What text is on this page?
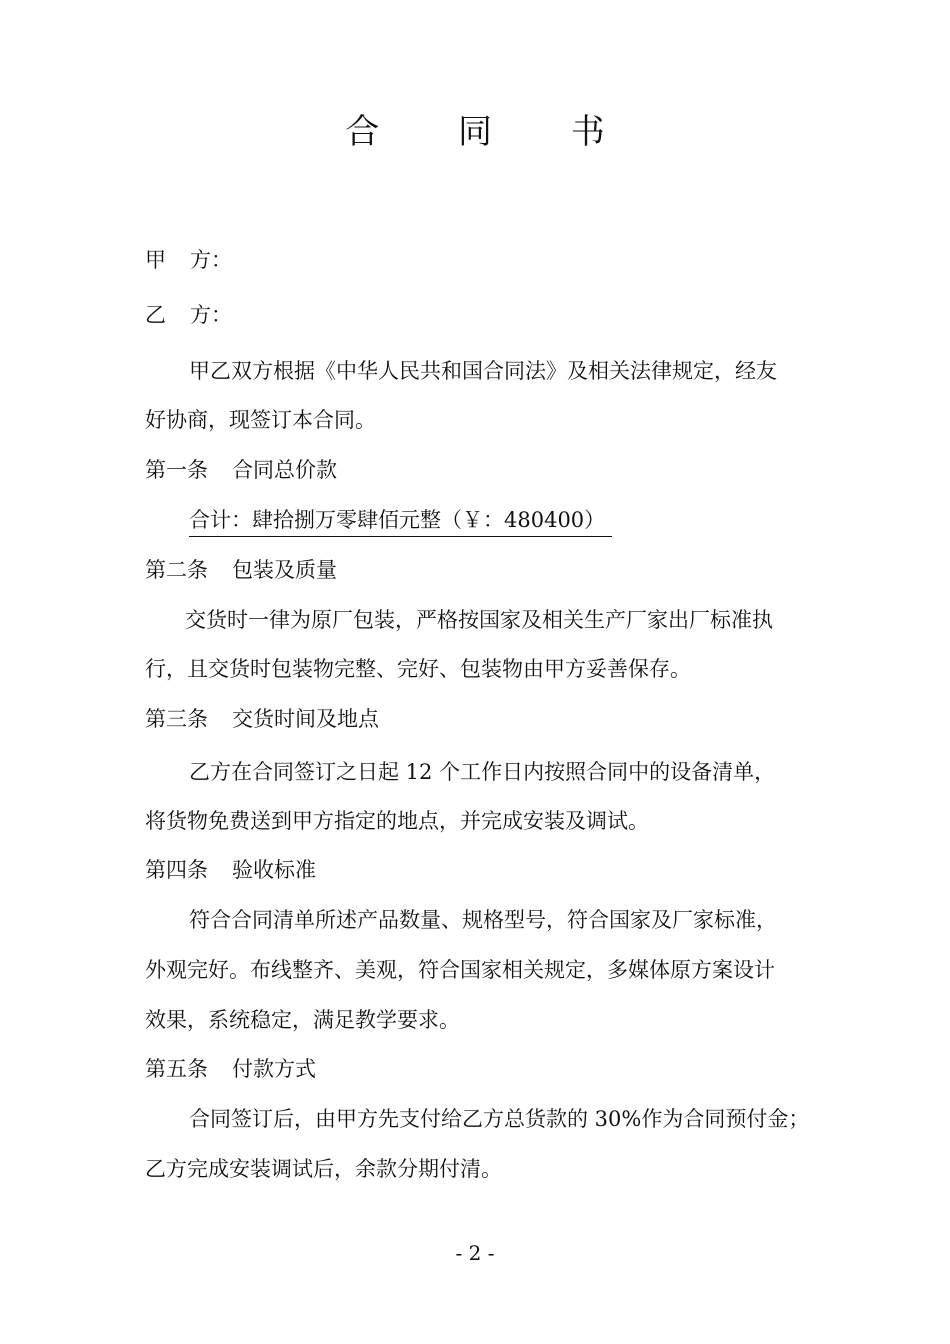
合 同 书
甲 方：
乙 方：
甲乙双方根据《中华人民共和国合同法》及相关法律规定，经友
好协商，现签订本合同。
第一条 合同总价款
合计：肆拾捌万零肆佰元整（￥：480400）
第二条 包装及质量
交货时一律为原厂包装，严格按国家及相关生产厂家出厂标准执
行，且交货时包装物完整、完好、包装物由甲方妥善保存。
第三条 交货时间及地点
乙方在合同签订之日起 12 个工作日内按照合同中的设备清单，
将货物免费送到甲方指定的地点，并完成安装及调试。
第四条 验收标准
符合合同清单所述产品数量、规格型号，符合国家及厂家标准，
外观完好。布线整齐、美观，符合国家相关规定，多媒体原方案设计
效果，系统稳定，满足教学要求。
第五条 付款方式
合同签订后，由甲方先支付给乙方总货款的 30%作为合同预付金；
乙方完成安装调试后，余款分期付清。
- 2 -
